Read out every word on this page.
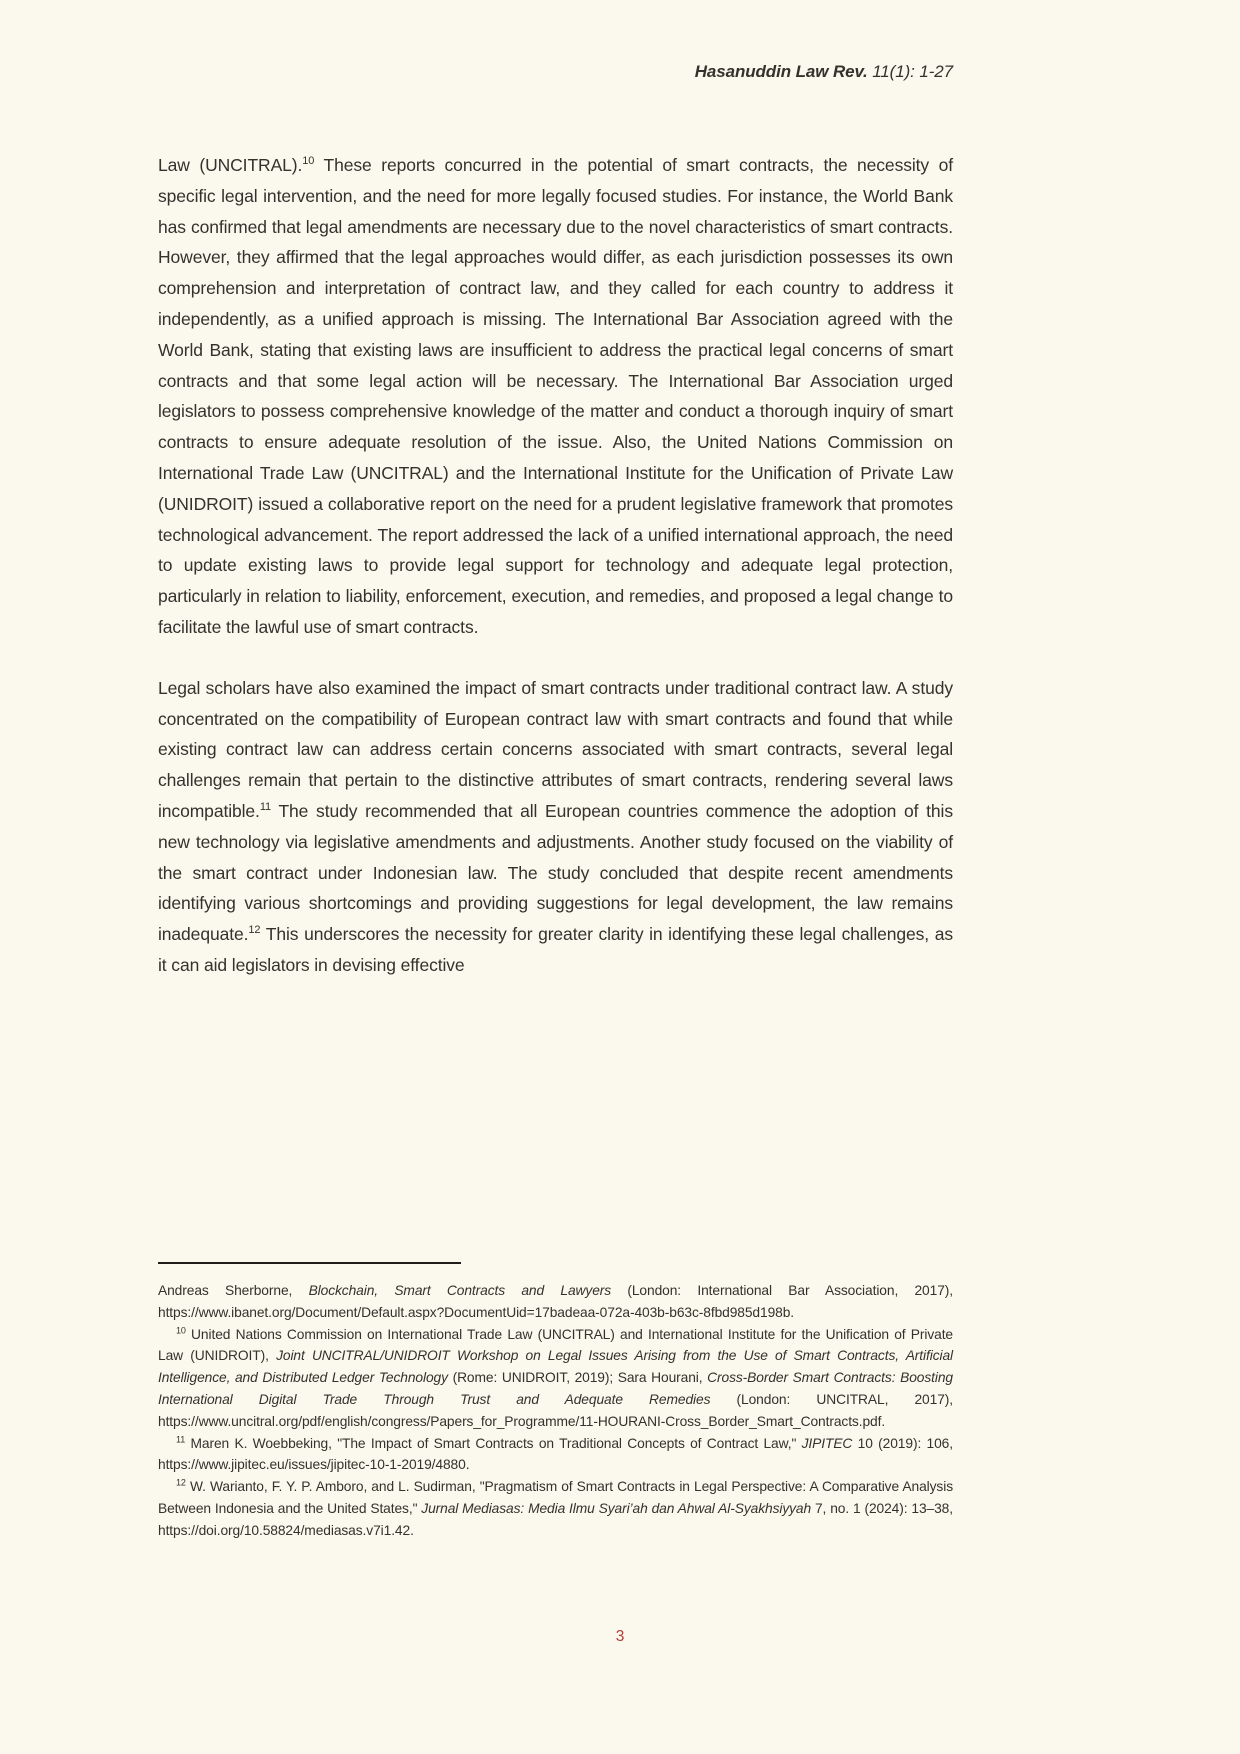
Hasanuddin Law Rev. 11(1): 1-27

Law (UNCITRAL).$^{10}$ These reports concurred in the potential of smart contracts, the necessity of specific legal intervention, and the need for more legally focused studies. For instance, the World Bank has confirmed that legal amendments are necessary due to the novel characteristics of smart contracts. However, they affirmed that the legal approaches would differ, as each jurisdiction possesses its own comprehension and interpretation of contract law, and they called for each country to address it independently, as a unified approach is missing. The International Bar Association agreed with the World Bank, stating that existing laws are insufficient to address the practical legal concerns of smart contracts and that some legal action will be necessary. The International Bar Association urged legislators to possess comprehensive knowledge of the matter and conduct a thorough inquiry of smart contracts to ensure adequate resolution of the issue. Also, the United Nations Commission on International Trade Law (UNCITRAL) and the International Institute for the Unification of Private Law (UNIDROIT) issued a collaborative report on the need for a prudent legislative framework that promotes technological advancement. The report addressed the lack of a unified international approach, the need to update existing laws to provide legal support for technology and adequate legal protection, particularly in relation to liability, enforcement, execution, and remedies, and proposed a legal change to facilitate the lawful use of smart contracts.

Legal scholars have also examined the impact of smart contracts under traditional contract law. A study concentrated on the compatibility of European contract law with smart contracts and found that while existing contract law can address certain concerns associated with smart contracts, several legal challenges remain that pertain to the distinctive attributes of smart contracts, rendering several laws incompatible.$^{11}$ The study recommended that all European countries commence the adoption of this new technology via legislative amendments and adjustments. Another study focused on the viability of the smart contract under Indonesian law. The study concluded that despite recent amendments identifying various shortcomings and providing suggestions for legal development, the law remains inadequate.$^{12}$ This underscores the necessity for greater clarity in identifying these legal challenges, as it can aid legislators in devising effective

Andreas Sherborne, Blockchain, Smart Contracts and Lawyers (London: International Bar Association, 2017), https://www.ibanet.org/Document/Default.aspx?DocumentUid=17badeaa-072a-403b-b63c-8fbd985d198b.

$^{10}$ United Nations Commission on International Trade Law (UNCITRAL) and International Institute for the Unification of Private Law (UNIDROIT), Joint UNCITRAL/UNIDROIT Workshop on Legal Issues Arising from the Use of Smart Contracts, Artificial Intelligence, and Distributed Ledger Technology (Rome: UNIDROIT, 2019); Sara Hourani, Cross-Border Smart Contracts: Boosting International Digital Trade Through Trust and Adequate Remedies (London: UNCITRAL, 2017), https://www.uncitral.org/pdf/english/congress/Papers_for_Programme/11-HOURANI-Cross_Border_Smart_Contracts.pdf.

$^{11}$ Maren K. Woebbeking, "The Impact of Smart Contracts on Traditional Concepts of Contract Law," JIPITEC 10 (2019): 106, https://www.jipitec.eu/issues/jipitec-10-1-2019/4880.

$^{12}$ W. Warianto, F. Y. P. Amboro, and L. Sudirman, "Pragmatism of Smart Contracts in Legal Perspective: A Comparative Analysis Between Indonesia and the United States," Jurnal Mediasas: Media Ilmu Syari’ah dan Ahwal Al-Syakhsiyyah 7, no. 1 (2024): 13–38, https://doi.org/10.58824/mediasas.v7i1.42.

3
